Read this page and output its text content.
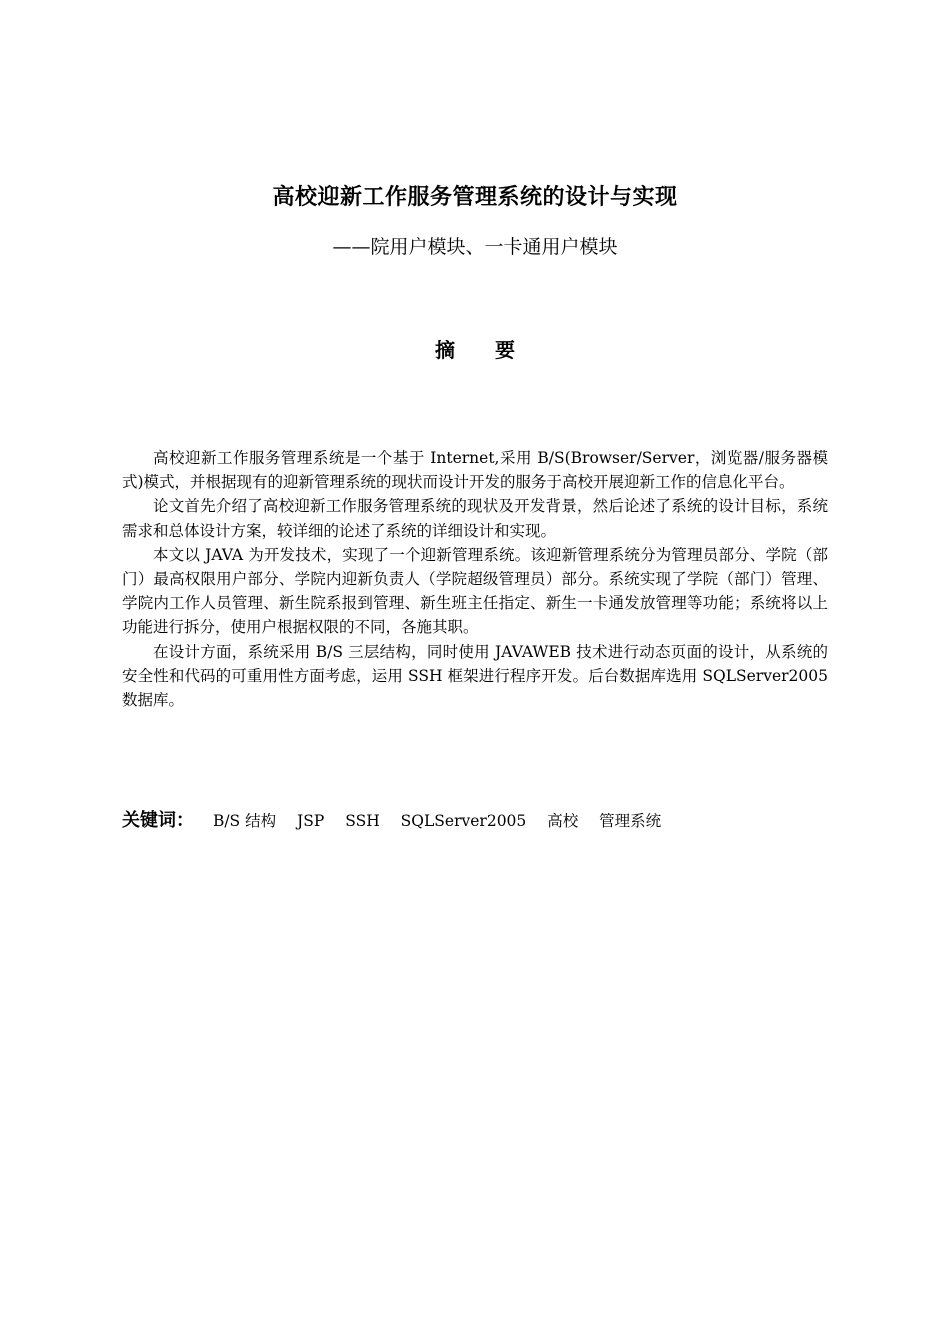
高校迎新工作服务管理系统的设计与实现
——院用户模块、一卡通用户模块
摘要

高校迎新工作服务管理系统是一个基于 Internet,采用 B/S(Browser/Server，浏览器/服务器模式)模式，并根据现有的迎新管理系统的现状而设计开发的服务于高校开展迎新工作的信息化平台。

论文首先介绍了高校迎新工作服务管理系统的现状及开发背景，然后论述了系统的设计目标，系统需求和总体设计方案，较详细的论述了系统的详细设计和实现。

本文以 JAVA 为开发技术，实现了一个迎新管理系统。该迎新管理系统分为管理员部分、学院（部门）最高权限用户部分、学院内迎新负责人（学院超级管理员）部分。系统实现了学院（部门）管理、学院内工作人员管理、新生院系报到管理、新生班主任指定、新生一卡通发放管理等功能；系统将以上功能进行拆分，使用户根据权限的不同，各施其职。

在设计方面，系统采用 B/S 三层结构，同时使用 JAVAWEB 技术进行动态页面的设计，从系统的安全性和代码的可重用性方面考虑，运用 SSH 框架进行程序开发。后台数据库选用 SQLServer2005 数据库。

关键词： B/S 结构 JSP SSH SQLServer2005 高校 管理系统
